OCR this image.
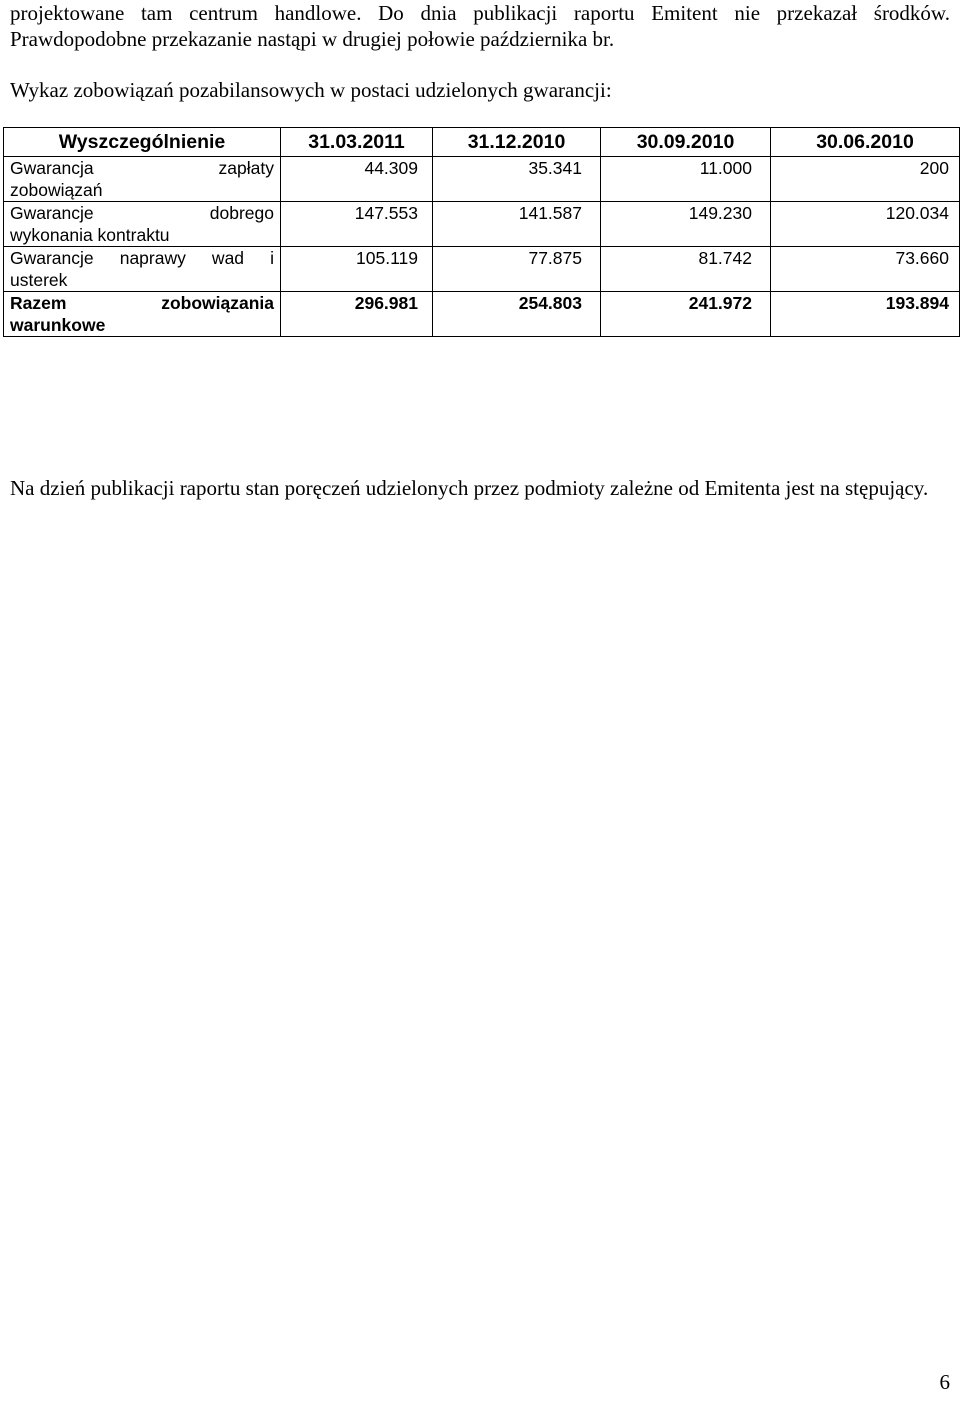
projektowane tam centrum handlowe. Do dnia publikacji raportu Emitent nie przekazał środków.
Prawdopodobne przekazanie nastąpi w drugiej połowie października br.
Wykaz zobowiązań pozabilansowych w postaci udzielonych gwarancji:
Wyszczególnienie	31.03.2011	31.12.2010	30.09.2010	30.06.2010

Gwarancja zapłaty
zobowiązań	44.309	35.341	11.000	200

Gwarancje dobrego
wykonania kontraktu	147.553	141.587	149.230	120.034

Gwarancje naprawy wad i
usterek	105.119	77.875	81.742	73.660

Razem zobowiązania
warunkowe	296.981	254.803	241.972	193.894
Na dzień publikacji raportu stan poręczeń udzielonych przez podmioty zależne od Emitenta jest na stępujący.
6
